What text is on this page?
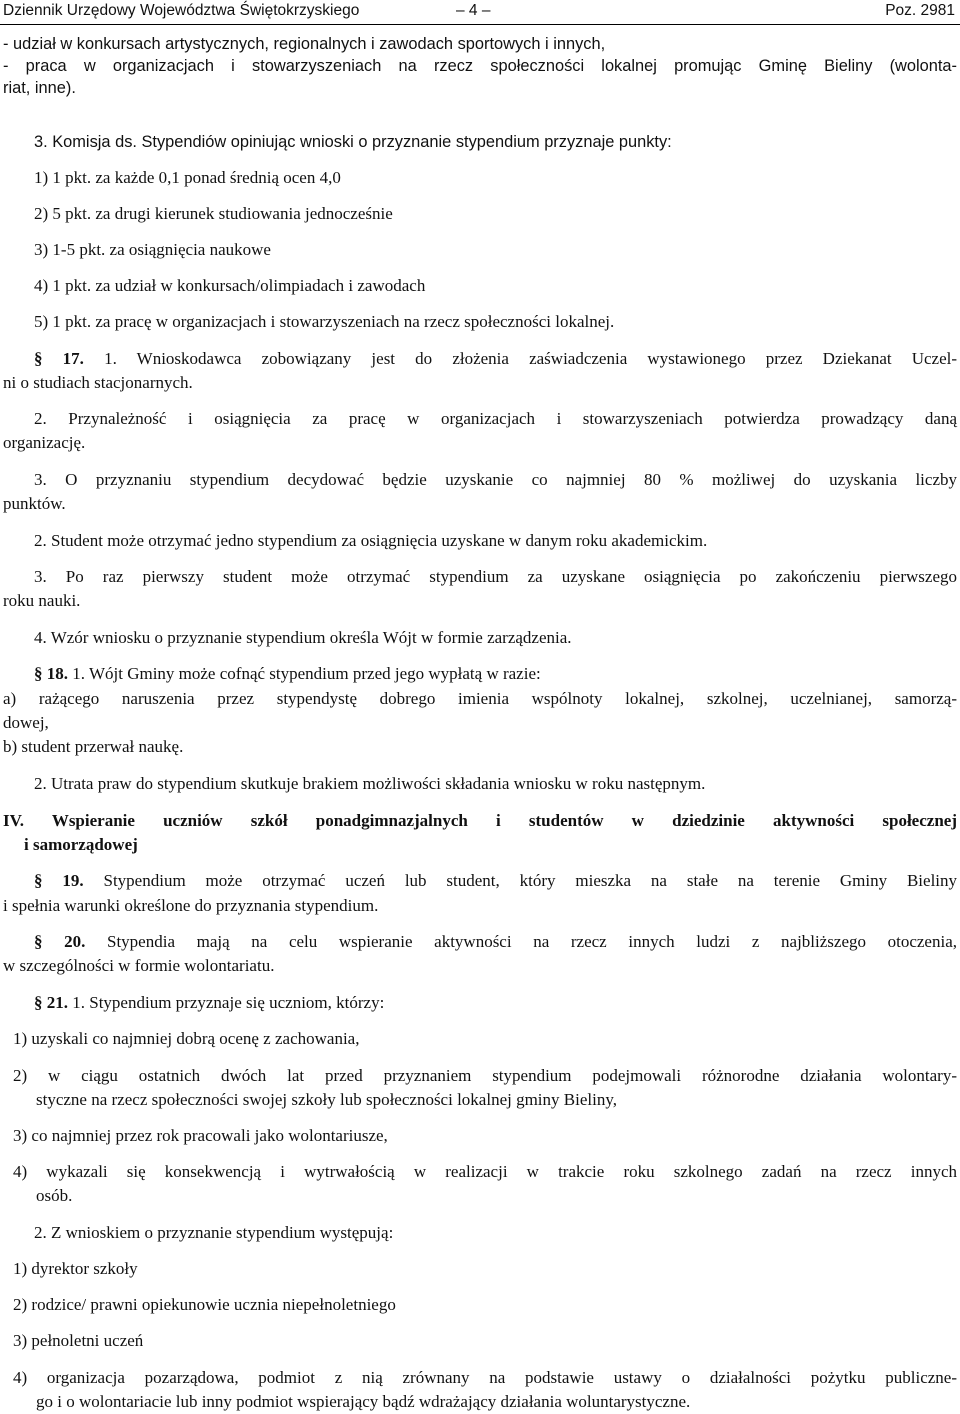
Dziennik Urzędowy Województwa Świętokrzyskiego	– 4 –	Poz. 2981
- udział w konkursach artystycznych, regionalnych i zawodach sportowych i innych,
- praca w organizacjach i stowarzyszeniach na rzecz społeczności lokalnej promując Gminę Bieliny (wolonta-
riat, inne).
3. Komisja ds. Stypendiów opiniując wnioski o przyznanie stypendium przyznaje punkty:
1) 1 pkt. za każde 0,1 ponad średnią ocen 4,0
2) 5 pkt. za drugi kierunek studiowania jednocześnie
3) 1-5 pkt. za osiągnięcia naukowe
4) 1 pkt. za udział w konkursach/olimpiadach i zawodach
5) 1 pkt. za pracę w organizacjach i stowarzyszeniach na rzecz społeczności lokalnej.
§ 17. 1. Wnioskodawca zobowiązany jest do złożenia zaświadczenia wystawionego przez Dziekanat Uczel-
ni o studiach stacjonarnych.
2. Przynależność i osiągnięcia za pracę w organizacjach i stowarzyszeniach potwierdza prowadzący daną
organizację.
3. O przyznaniu stypendium decydować będzie uzyskanie co najmniej 80 % możliwej do uzyskania liczby
punktów.
2. Student może otrzymać jedno stypendium za osiągnięcia uzyskane w danym roku akademickim.
3. Po raz pierwszy student może otrzymać stypendium za uzyskane osiągnięcia po zakończeniu pierwszego
roku nauki.
4. Wzór wniosku o przyznanie stypendium określa Wójt w formie zarządzenia.
§ 18. 1. Wójt Gminy może cofnąć stypendium przed jego wypłatą w razie:
a) rażącego naruszenia przez stypendystę dobrego imienia wspólnoty lokalnej, szkolnej, uczelnianej, samorzą-
dowej,
b) student przerwał naukę.
2. Utrata praw do stypendium skutkuje brakiem możliwości składania wniosku w roku następnym.
IV. Wspieranie uczniów szkół ponadgimnazjalnych i studentów w dziedzinie aktywności społecznej
i samorządowej
§ 19. Stypendium może otrzymać uczeń lub student, który mieszka na stałe na terenie Gminy Bieliny
i spełnia warunki określone do przyznania stypendium.
§ 20. Stypendia mają na celu wspieranie aktywności na rzecz innych ludzi z najbliższego otoczenia,
w szczególności w formie wolontariatu.
§ 21. 1. Stypendium przyznaje się uczniom, którzy:
1) uzyskali co najmniej dobrą ocenę z zachowania,
2) w ciągu ostatnich dwóch lat przed przyznaniem stypendium podejmowali różnorodne działania wolontary-
styczne na rzecz społeczności swojej szkoły lub społeczności lokalnej gminy Bieliny,
3) co najmniej przez rok pracowali jako wolontariusze,
4) wykazali się konsekwencją i wytrwałością w realizacji w trakcie roku szkolnego zadań na rzecz innych
osób.
2. Z wnioskiem o przyznanie stypendium występują:
1) dyrektor szkoły
2) rodzice/ prawni opiekunowie ucznia niepełnoletniego
3) pełnoletni uczeń
4) organizacja pozarządowa, podmiot z nią zrównany na podstawie ustawy o działalności pożytku publiczne-
go i o wolontariacie lub inny podmiot wspierający bądź wdrażający działania woluntarystyczne.
